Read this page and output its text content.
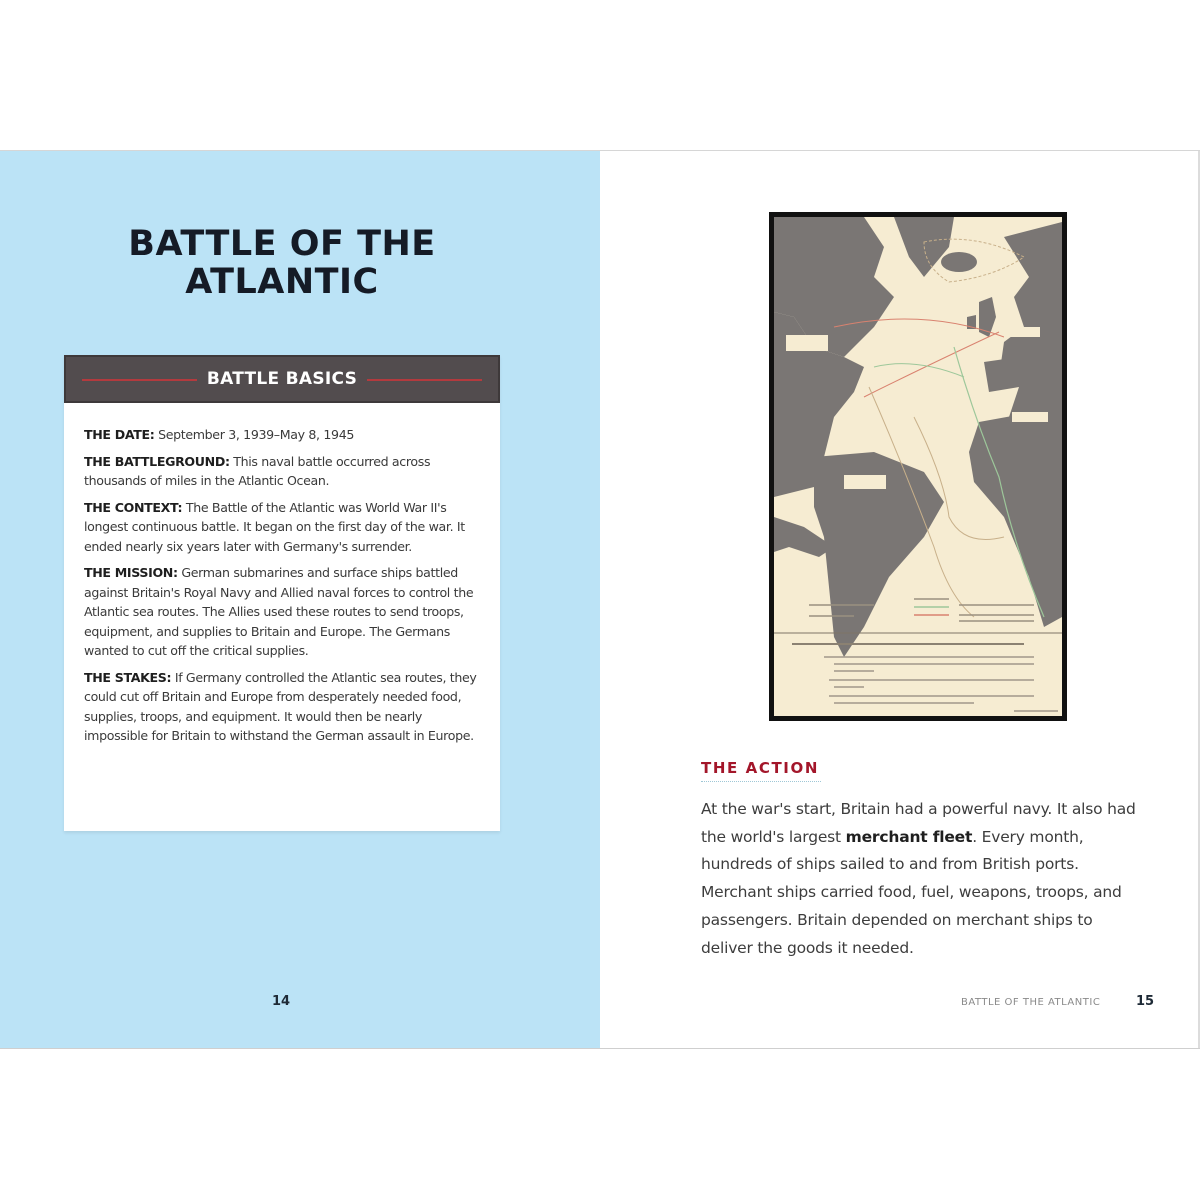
BATTLE OF THE
ATLANTIC
BATTLE BASICS

THE DATE: September 3, 1939–May 8, 1945

THE BATTLEGROUND: This naval battle occurred across thousands of miles in the Atlantic Ocean.

THE CONTEXT: The Battle of the Atlantic was World War II's longest continuous battle. It began on the first day of the war. It ended nearly six years later with Germany's surrender.

THE MISSION: German submarines and surface ships battled against Britain's Royal Navy and Allied naval forces to control the Atlantic sea routes. The Allies used these routes to send troops, equipment, and supplies to Britain and Europe. The Germans wanted to cut off the critical supplies.

THE STAKES: If Germany controlled the Atlantic sea routes, they could cut off Britain and Europe from desperately needed food, supplies, troops, and equipment. It would then be nearly impossible for Britain to withstand the German assault in Europe.

14
THE ACTION

At the war's start, Britain had a powerful navy. It also had the world's largest merchant fleet. Every month, hundreds of ships sailed to and from British ports. Merchant ships carried food, fuel, weapons, troops, and passengers. Britain depended on merchant ships to deliver the goods it needed.

BATTLE OF THE ATLANTIC	15
